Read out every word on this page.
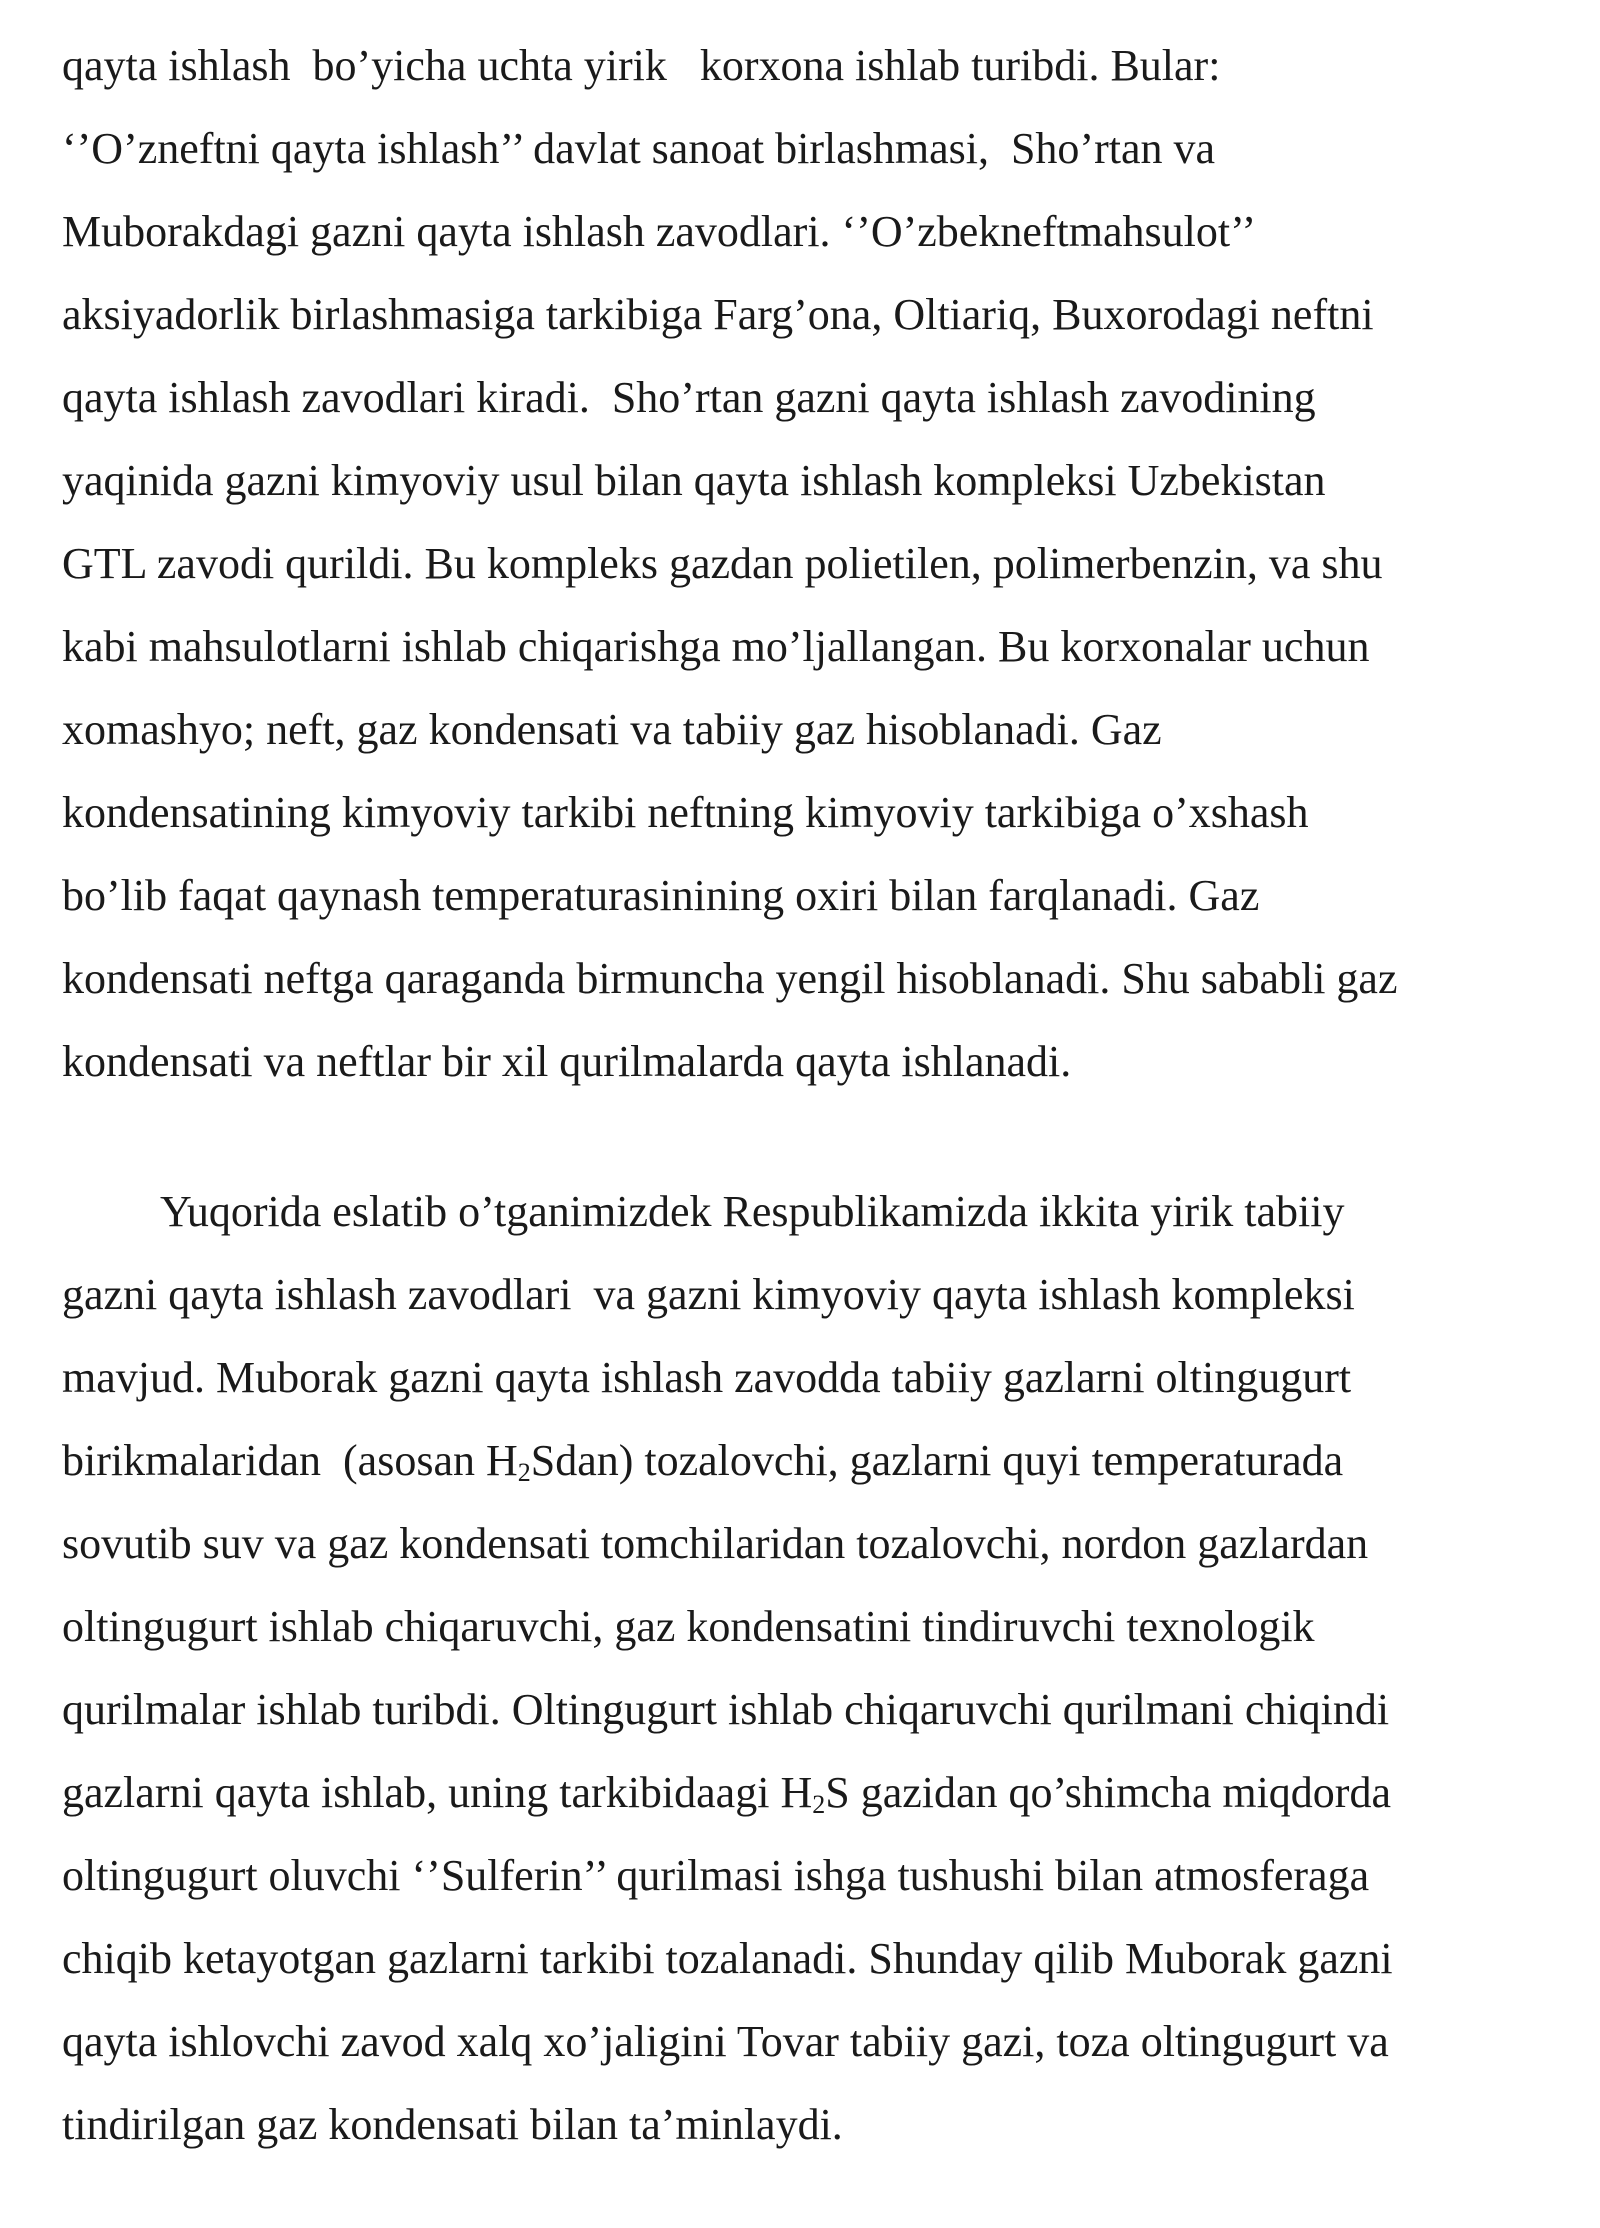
qayta ishlash  bo’yicha uchta yirik   korxona ishlab turibdi. Bular:

‘’O’zneftni qayta ishlash’’ davlat sanoat birlashmasi,  Sho’rtan va

Muborakdagi gazni qayta ishlash zavodlari. ‘’O’zbekneftmahsulot’’

aksiyadorlik birlashmasiga tarkibiga Farg’ona, Oltiariq, Buxorodagi neftni

qayta ishlash zavodlari kiradi.  Sho’rtan gazni qayta ishlash zavodining

yaqinida gazni kimyoviy usul bilan qayta ishlash kompleksi Uzbekistan

GTL zavodi qurildi. Bu kompleks gazdan polietilen, polimerbenzin, va shu

kabi mahsulotlarni ishlab chiqarishga mo’ljallangan. Bu korxonalar uchun

xomashyo; neft, gaz kondensati va tabiiy gaz hisoblanadi. Gaz

kondensatining kimyoviy tarkibi neftning kimyoviy tarkibiga o’xshash

bo’lib faqat qaynash temperaturasinining oxiri bilan farqlanadi. Gaz

kondensati neftga qaraganda birmuncha yengil hisoblanadi. Shu sababli gaz

kondensati va neftlar bir xil qurilmalarda qayta ishlanadi.

Yuqorida eslatib o’tganimizdek Respublikamizda ikkita yirik tabiiy

gazni qayta ishlash zavodlari  va gazni kimyoviy qayta ishlash kompleksi

mavjud. Muborak gazni qayta ishlash zavodda tabiiy gazlarni oltingugurt

birikmalaridan  (asosan $H_2Sdan$) tozalovchi, gazlarni quyi temperaturada

sovutib suv va gaz kondensati tomchilaridan tozalovchi, nordon gazlardan

oltingugurt ishlab chiqaruvchi, gaz kondensatini tindiruvchi texnologik

qurilmalar ishlab turibdi. Oltingugurt ishlab chiqaruvchi qurilmani chiqindi

gazlarni qayta ishlab, uning tarkibidaagi $H_2S$ gazidan qo’shimcha miqdorda

oltingugurt oluvchi ‘’Sulferin’’ qurilmasi ishga tushushi bilan atmosferaga

chiqib ketayotgan gazlarni tarkibi tozalanadi. Shunday qilib Muborak gazni

qayta ishlovchi zavod xalq xo’jaligini Tovar tabiiy gazi, toza oltingugurt va

tindirilgan gaz kondensati bilan ta’minlaydi.
